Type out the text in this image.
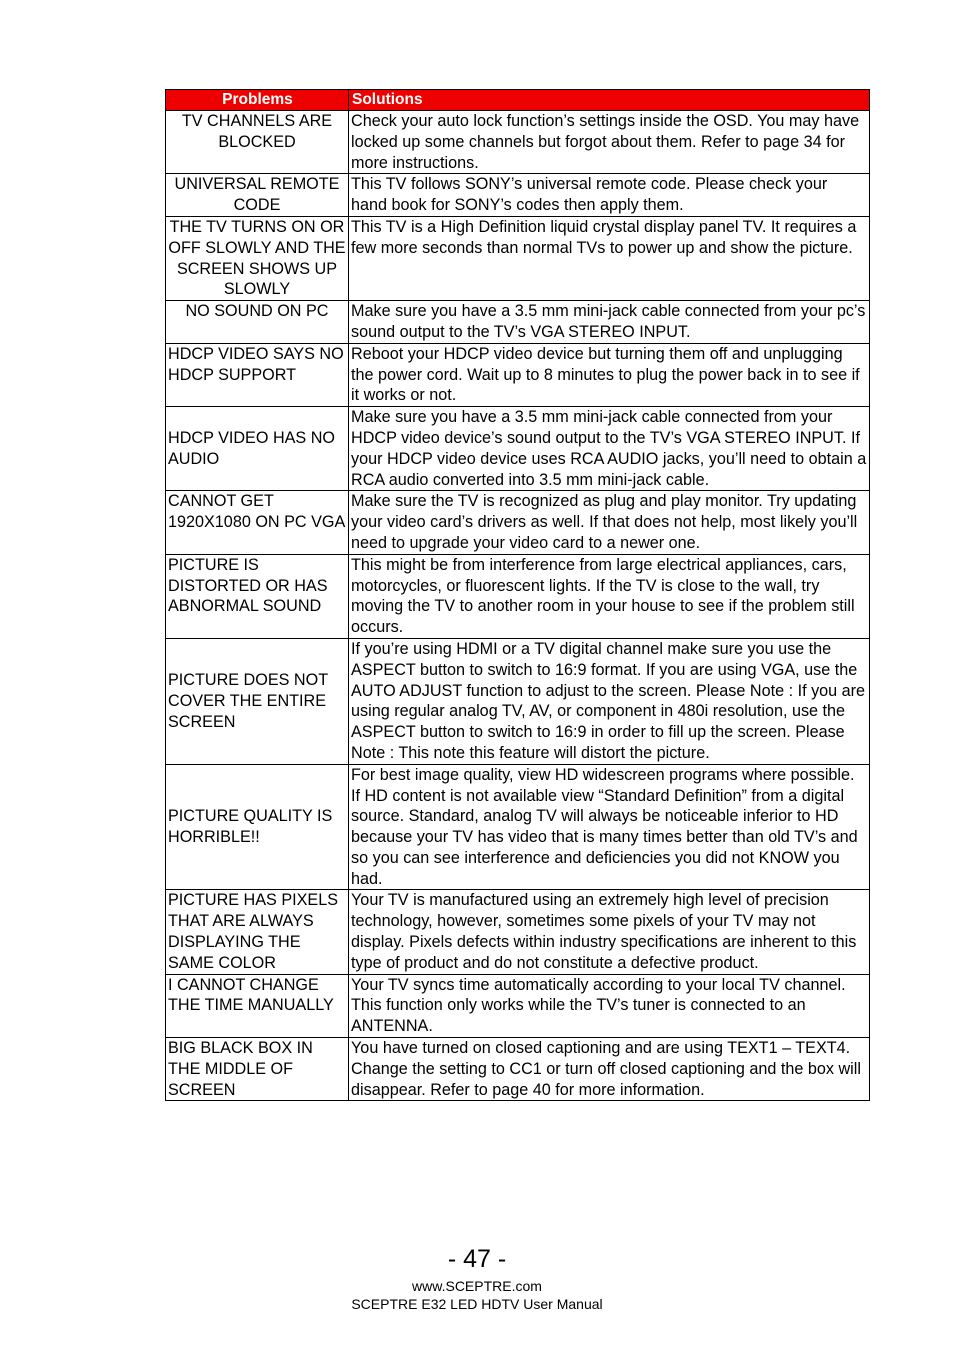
Problems	Solutions
TV CHANNELS ARE BLOCKED	Check your auto lock function’s settings inside the OSD. You may have locked up some channels but forgot about them. Refer to page 34 for more instructions.
UNIVERSAL REMOTE CODE	This TV follows SONY’s universal remote code. Please check your hand book for SONY’s codes then apply them.
THE TV TURNS ON OR OFF SLOWLY AND THE SCREEN SHOWS UP SLOWLY	This TV is a High Definition liquid crystal display panel TV. It requires a few more seconds than normal TVs to power up and show the picture.
NO SOUND ON PC	Make sure you have a 3.5 mm mini-jack cable connected from your pc’s sound output to the TV’s VGA STEREO INPUT.
HDCP VIDEO SAYS NO HDCP SUPPORT	Reboot your HDCP video device but turning them off and unplugging the power cord. Wait up to 8 minutes to plug the power back in to see if it works or not.
HDCP VIDEO HAS NO AUDIO	Make sure you have a 3.5 mm mini-jack cable connected from your HDCP video device’s sound output to the TV’s VGA STEREO INPUT. If your HDCP video device uses RCA AUDIO jacks, you’ll need to obtain a RCA audio converted into 3.5 mm mini-jack cable.
CANNOT GET 1920X1080 ON PC VGA	Make sure the TV is recognized as plug and play monitor. Try updating your video card’s drivers as well. If that does not help, most likely you’ll need to upgrade your video card to a newer one.
PICTURE IS DISTORTED OR HAS ABNORMAL SOUND	This might be from interference from large electrical appliances, cars, motorcycles, or fluorescent lights. If the TV is close to the wall, try moving the TV to another room in your house to see if the problem still occurs.
PICTURE DOES NOT COVER THE ENTIRE SCREEN	If you’re using HDMI or a TV digital channel make sure you use the ASPECT button to switch to 16:9 format. If you are using VGA, use the AUTO ADJUST function to adjust to the screen. Please Note : If you are using regular analog TV, AV, or component in 480i resolution, use the ASPECT button to switch to 16:9 in order to fill up the screen. Please Note : This note this feature will distort the picture.
PICTURE QUALITY IS HORRIBLE!!	For best image quality, view HD widescreen programs where possible. If HD content is not available view “Standard Definition” from a digital source. Standard, analog TV will always be noticeable inferior to HD because your TV has video that is many times better than old TV’s and so you can see interference and deficiencies you did not KNOW you had.
PICTURE HAS PIXELS THAT ARE ALWAYS DISPLAYING THE SAME COLOR	Your TV is manufactured using an extremely high level of precision technology, however, sometimes some pixels of your TV may not display. Pixels defects within industry specifications are inherent to this type of product and do not constitute a defective product.
I CANNOT CHANGE THE TIME MANUALLY	Your TV syncs time automatically according to your local TV channel. This function only works while the TV’s tuner is connected to an ANTENNA.
BIG BLACK BOX IN THE MIDDLE OF SCREEN	You have turned on closed captioning and are using TEXT1 – TEXT4. Change the setting to CC1 or turn off closed captioning and the box will disappear. Refer to page 40 for more information.
- 47 -
www.SCEPTRE.com
SCEPTRE E32 LED HDTV User Manual
